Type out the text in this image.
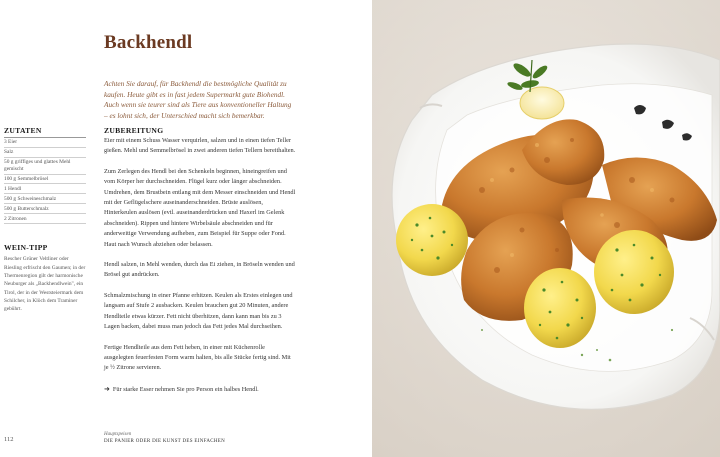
Backhendl

Achten Sie darauf, für Backhendl die bestmögliche Qualität zu kaufen. Heute gibt es in fast jedem Supermarkt gute Biohendl. Auch wenn sie teurer sind als Tiere aus konventioneller Haltung – es lohnt sich, der Unterschied macht sich bemerkbar.

ZUTATEN
3 Eier
Salz
50 g griffiges und glattes Mehl gemischt
100 g Semmelbrösel
1 Hendl
500 g Schweineschmalz
500 g Butterschmalz
2 Zitronen
WEIN-TIPP

Rescher Grüner Veltliner oder Riesling erfrischt den Gaumen; in der Thermenregion gilt der harmonische Neuburger als „Backhendlwein", ein Tirol, der in der Weststeiermark dem Schilcher, in Klöch dem Traminer gebührt.

ZUBEREITUNG

Eier mit einem Schuss Wasser verquirlen, salzen und in einen tiefen Teller gießen. Mehl und Semmelbrösel in zwei anderen tiefen Tellern bereithalten.

Zum Zerlegen des Hendl bei den Schenkeln beginnen, hineingreifen und vom Körper her durchschneiden. Flügel kurz oder länger abschneiden. Umdrehen, dem Brustbein entlang mit dem Messer einschneiden und Hendl mit der Geflügelschere auseinanderschneiden. Brüste auslösen, Hinterkeulen auslösen (evtl. auseinanderdrücken und Haxerl im Gelenk abschneiden). Rippen und hintere Wirbelsäule abschneiden und für anderweitige Verwendung aufheben, zum Beispiel für Suppe oder Fond. Haut nach Wunsch abziehen oder belassen.

Hendl salzen, in Mehl wenden, durch das Ei ziehen, in Bröseln wenden und Brösel gut andrücken.

Schmalzmischung in einer Pfanne erhitzen. Keulen als Erstes einlegen und langsam auf Stufe 2 ausbacken. Keulen brauchen gut 20 Minuten, andere Hendlteile etwas kürzer. Fett nicht überhitzen, dann kann man bis zu 3 Lagen backen, dabei muss man jedoch das Fett jedes Mal durchseihen.

Fertige Hendlteile aus dem Fett heben, in einer mit Küchenrolle ausgelegten feuerfesten Form warm halten, bis alle Stücke fertig sind. Mit je ½ Zitrone servieren.

➜ Für starke Esser nehmen Sie pro Person ein halbes Hendl.
112
Hauptspeisen
DIE PANIER ODER DIE KUNST DES EINFACHEN
